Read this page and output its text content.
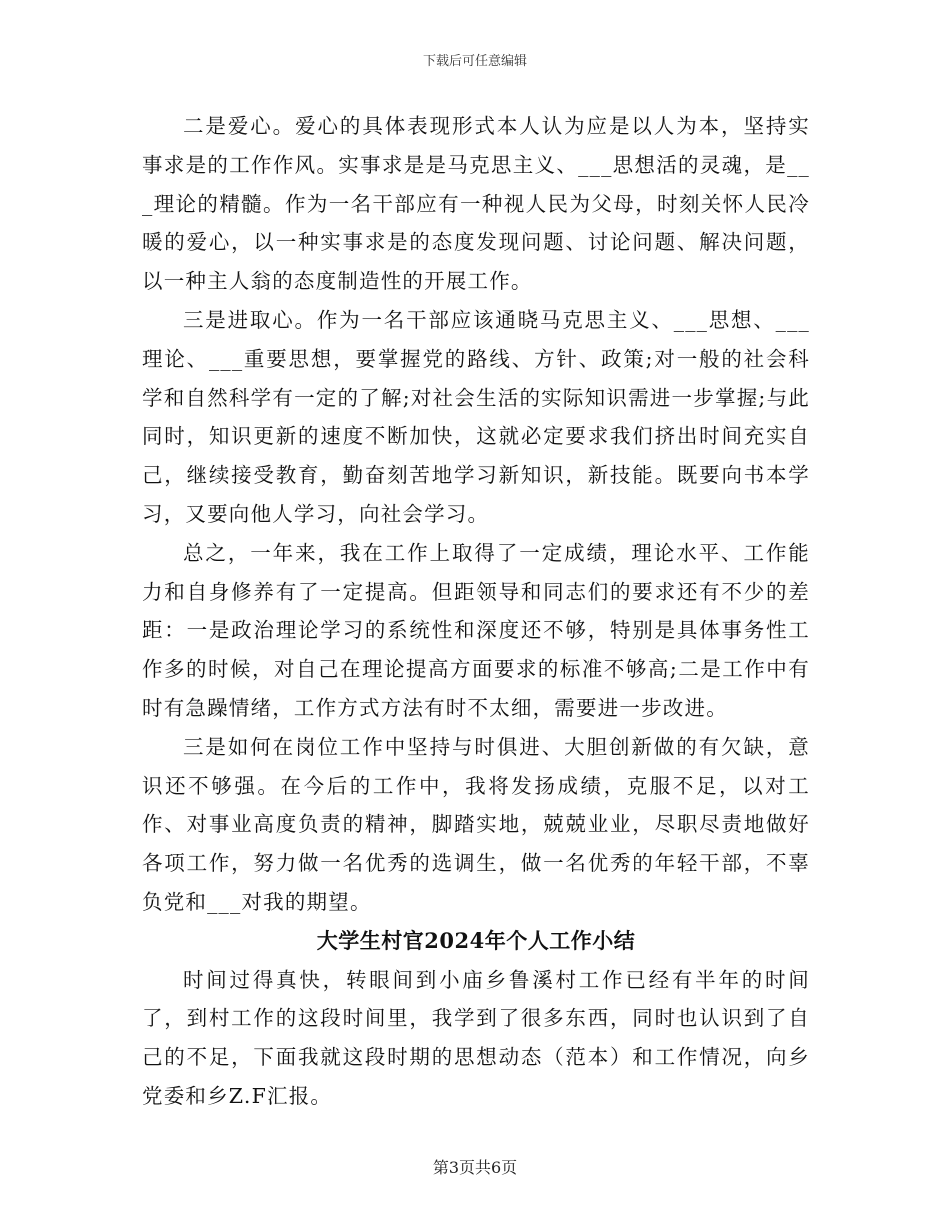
下载后可任意编辑

二是爱心。爱心的具体表现形式本人认为应是以人为本，坚持实事求是的工作作风。实事求是是马克思主义、___思想活的灵魂，是___理论的精髓。作为一名干部应有一种视人民为父母，时刻关怀人民冷暖的爱心，以一种实事求是的态度发现问题、讨论问题、解决问题，以一种主人翁的态度制造性的开展工作。

三是进取心。作为一名干部应该通晓马克思主义、___思想、___理论、___重要思想，要掌握党的路线、方针、政策;对一般的社会科学和自然科学有一定的了解;对社会生活的实际知识需进一步掌握;与此同时，知识更新的速度不断加快，这就必定要求我们挤出时间充实自己，继续接受教育，勤奋刻苦地学习新知识，新技能。既要向书本学习，又要向他人学习，向社会学习。

总之，一年来，我在工作上取得了一定成绩，理论水平、工作能力和自身修养有了一定提高。但距领导和同志们的要求还有不少的差距：一是政治理论学习的系统性和深度还不够，特别是具体事务性工作多的时候，对自己在理论提高方面要求的标准不够高;二是工作中有时有急躁情绪，工作方式方法有时不太细，需要进一步改进。

三是如何在岗位工作中坚持与时俱进、大胆创新做的有欠缺，意识还不够强。在今后的工作中，我将发扬成绩，克服不足，以对工作、对事业高度负责的精神，脚踏实地，兢兢业业，尽职尽责地做好各项工作，努力做一名优秀的选调生，做一名优秀的年轻干部，不辜负党和___对我的期望。

大学生村官2024年个人工作小结

时间过得真快，转眼间到小庙乡鲁溪村工作已经有半年的时间了，到村工作的这段时间里，我学到了很多东西，同时也认识到了自己的不足，下面我就这段时期的思想动态（范本）和工作情况，向乡党委和乡Z.F汇报。

第3页共6页
